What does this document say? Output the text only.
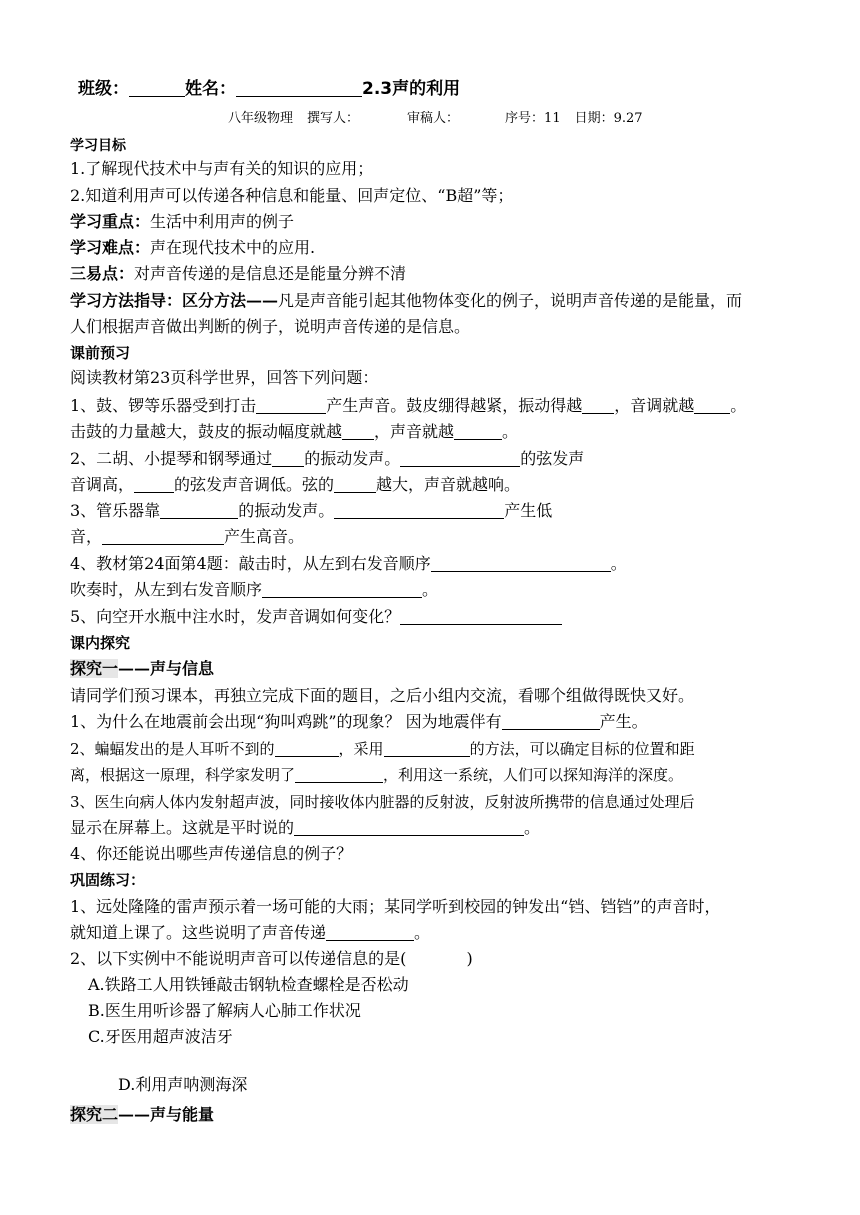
班级：	姓名：	2.3声的利用
八年级物理 撰写人：	审稿人：	序号：11 日期：9.27
学习目标
1.了解现代技术中与声有关的知识的应用；
2.知道利用声可以传递各种信息和能量、回声定位、“B超”等；
学习重点：生活中利用声的例子
学习难点：声在现代技术中的应用.
三易点：对声音传递的是信息还是能量分辨不清
学习方法指导：区分方法——凡是声音能引起其他物体变化的例子，说明声音传递的是能量，而
人们根据声音做出判断的例子，说明声音传递的是信息。
课前预习
阅读教材第23页科学世界，回答下列问题：
1、鼓、锣等乐器受到打击	产生声音。鼓皮绷得越紧，振动得越 ，音调就越 。
击鼓的力量越大，鼓皮的振动幅度就越 ，声音就越	。
2、二胡、小提琴和钢琴通过 的振动发声。	的弦发声
音调高，	的弦发声音调低。弦的	越大，声音就越响。
3、管乐器靠	的振动发声。	产生低
音，	产生高音。
4、教材第24面第4题：敲击时，从左到右发音顺序	。
吹奏时，从左到右发音顺序	。
5、向空开水瓶中注水时，发声音调如何变化？
课内探究
探究一——声与信息
请同学们预习课本，再独立完成下面的题目，之后小组内交流，看哪个组做得既快又好。
1、为什么在地震前会出现“狗叫鸡跳”的现象？ 因为地震伴有	产生。
2、蝙蝠发出的是人耳听不到的	，采用	的方法，可以确定目标的位置和距
离，根据这一原理，科学家发明了	，利用这一系统，人们可以探知海洋的深度。
3、医生向病人体内发射超声波，同时接收体内脏器的反射波，反射波所携带的信息通过处理后
显示在屏幕上。这就是平时说的	。
4、你还能说出哪些声传递信息的例子？
巩固练习：
1、远处隆隆的雷声预示着一场可能的大雨；某同学听到校园的钟发出“铛、铛铛”的声音时，
就知道上课了。这些说明了声音传递	。
2、以下实例中不能说明声音可以传递信息的是(	)
A.铁路工人用铁锤敲击钢轨检查螺栓是否松动
B.医生用听诊器了解病人心肺工作状况
C.牙医用超声波洁牙
D.利用声呐测海深
探究二——声与能量
